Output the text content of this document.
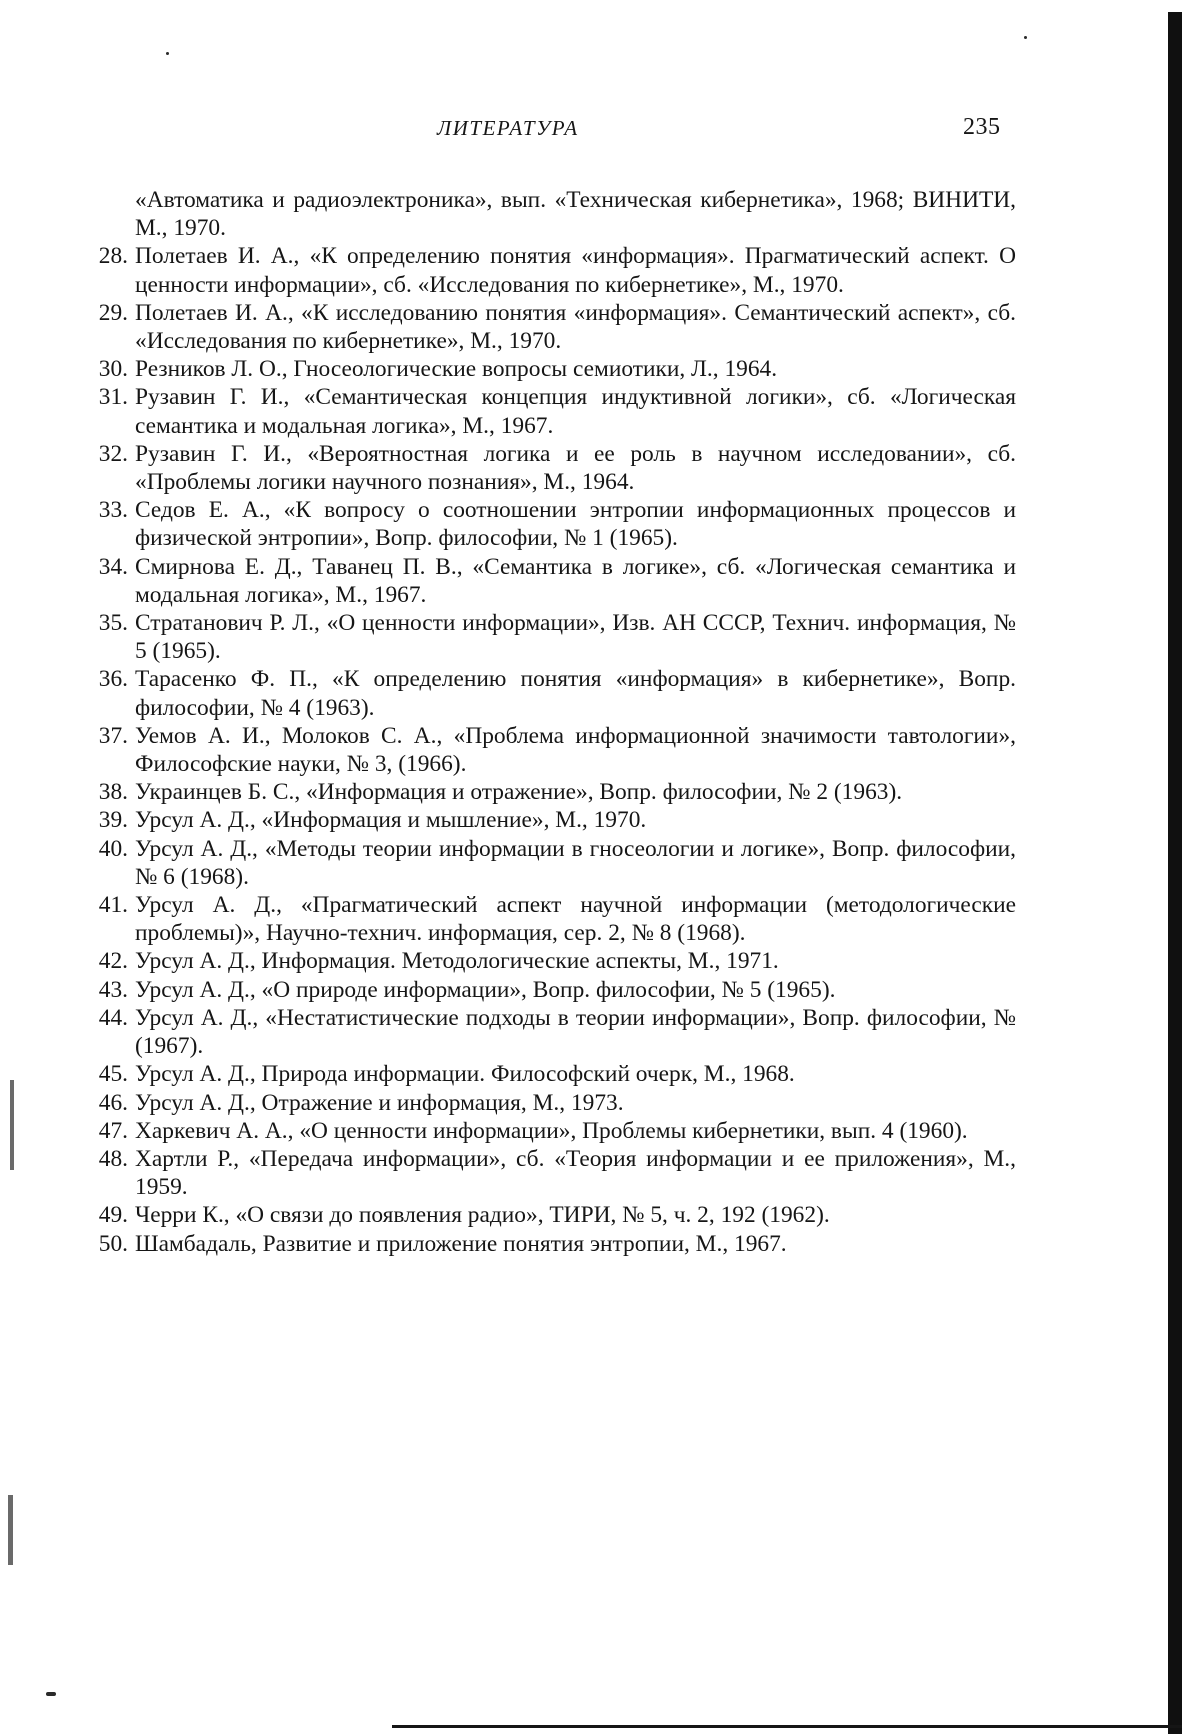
ЛИТЕРАТУРА	235
«Автоматика и радиоэлектроника», вып. «Техническая кибернетика», 1968; ВИНИТИ, М., 1970.
28. Полетаев И. А., «К определению понятия «информация». Прагматический аспект. О ценности информации», сб. «Исследования по кибернетике», М., 1970.
29. Полетаев И. А., «К исследованию понятия «информация». Семантический аспект», сб. «Исследования по кибернетике», М., 1970.
30. Резников Л. О., Гносеологические вопросы семиотики, Л., 1964.
31. Рузавин Г. И., «Семантическая концепция индуктивной логики», сб. «Логическая семантика и модальная логика», М., 1967.
32. Рузавин Г. И., «Вероятностная логика и ее роль в научном исследовании», сб. «Проблемы логики научного познания», М., 1964.
33. Седов Е. А., «К вопросу о соотношении энтропии информационных процессов и физической энтропии», Вопр. философии, № 1 (1965).
34. Смирнова Е. Д., Таванец П. В., «Семантика в логике», сб. «Логическая семантика и модальная логика», М., 1967.
35. Стратанович Р. Л., «О ценности информации», Изв. АН СССР, Технич. информация, № 5 (1965).
36. Тарасенко Ф. П., «К определению понятия «информация» в кибернетике», Вопр. философии, № 4 (1963).
37. Уемов А. И., Молоков С. А., «Проблема информационной значимости тавтологии», Философские науки, № 3, (1966).
38. Украинцев Б. С., «Информация и отражение», Вопр. философии, № 2 (1963).
39. Урсул А. Д., «Информация и мышление», М., 1970.
40. Урсул А. Д., «Методы теории информации в гносеологии и логике», Вопр. философии, № 6 (1968).
41. Урсул А. Д., «Прагматический аспект научной информации (методологические проблемы)», Научно-технич. информация, сер. 2, № 8 (1968).
42. Урсул А. Д., Информация. Методологические аспекты, М., 1971.
43. Урсул А. Д., «О природе информации», Вопр. философии, № 5 (1965).
44. Урсул А. Д., «Нестатистические подходы в теории информации», Вопр. философии, № (1967).
45. Урсул А. Д., Природа информации. Философский очерк, М., 1968.
46. Урсул А. Д., Отражение и информация, М., 1973.
47. Харкевич А. А., «О ценности информации», Проблемы кибернетики, вып. 4 (1960).
48. Хартли Р., «Передача информации», сб. «Теория информации и ее приложения», М., 1959.
49. Черри К., «О связи до появления радио», ТИРИ, № 5, ч. 2, 192 (1962).
50. Шамбадаль, Развитие и приложение понятия энтропии, М., 1967.
